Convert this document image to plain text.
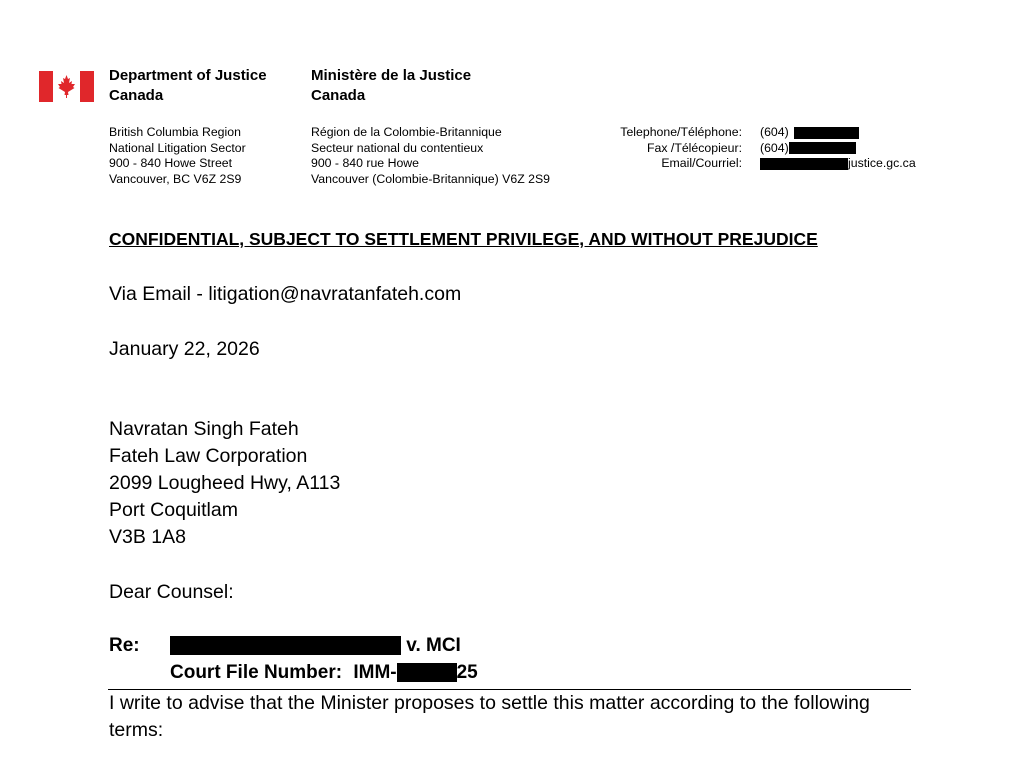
Department of Justice
Canada
Ministère de la Justice
Canada
British Columbia Region
National Litigation Sector
900 - 840 Howe Street
Vancouver, BC V6Z 2S9
Région de la Colombie-Britannique
Secteur national du contentieux
900 - 840 rue Howe
Vancouver (Colombie-Britannique) V6Z 2S9
Telephone/Téléphone:
Fax /Télécopieur:
Email/Courriel:
(604)
(604)
justice.gc.ca
CONFIDENTIAL, SUBJECT TO SETTLEMENT PRIVILEGE, AND WITHOUT PREJUDICE
Via Email - litigation@navratanfateh.com
January 22, 2026
Navratan Singh Fateh
Fateh Law Corporation
2099 Lougheed Hwy, A113
Port Coquitlam
V3B 1A8
Dear Counsel:
Re:	v. MCI
Court File Number: IMM-	25
I write to advise that the Minister proposes to settle this matter according to the following terms:
